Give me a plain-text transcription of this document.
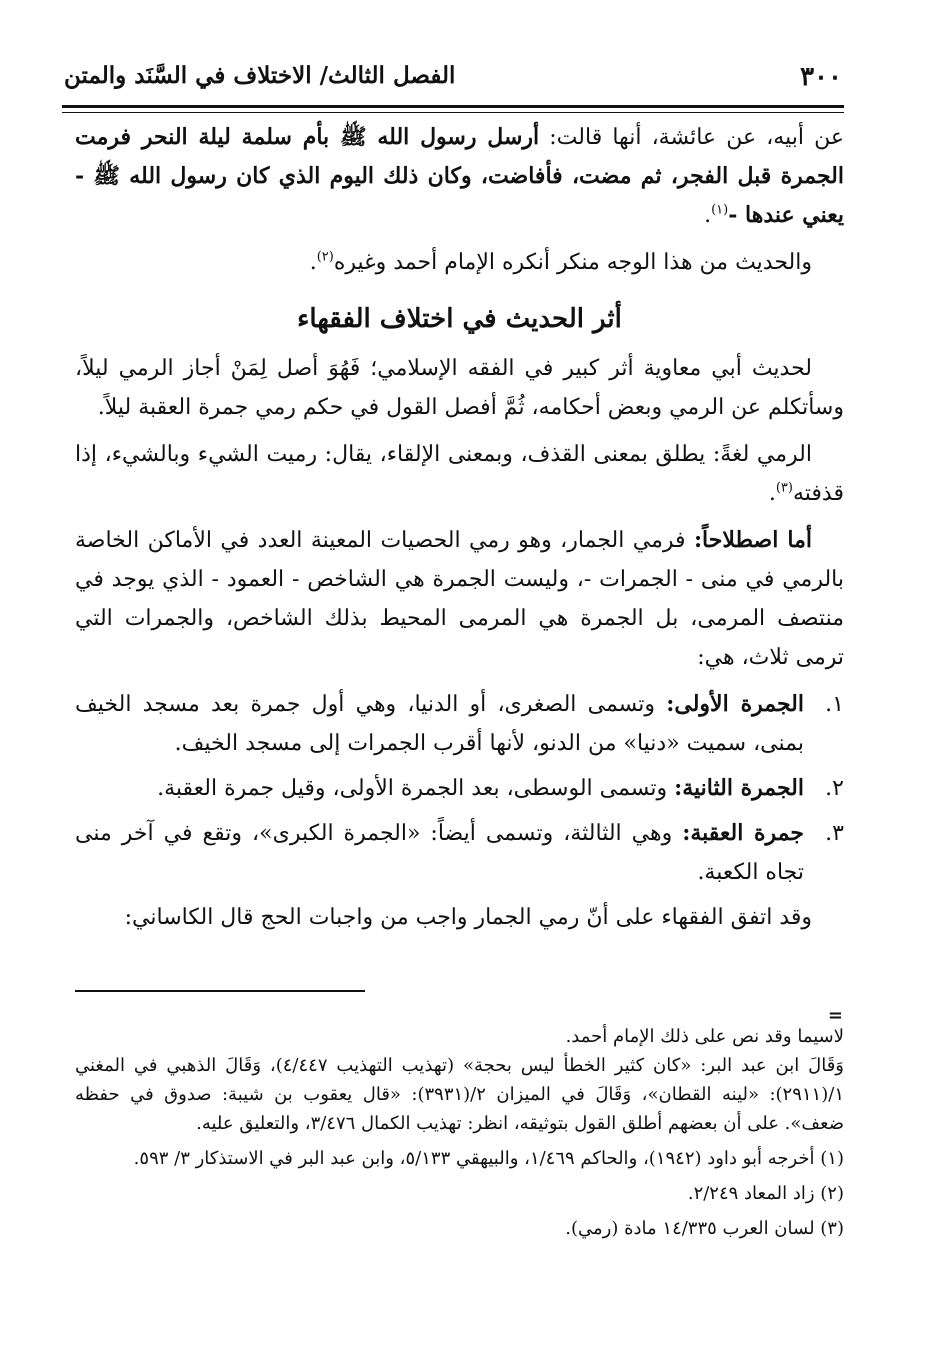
٣٠٠
الفصل الثالث/ الاختلاف في السَّنَد والمتن

عن أبيه، عن عائشة، أنها قالت: أرسل رسول الله ﷺ بأم سلمة ليلة النحر فرمت الجمرة قبل الفجر، ثم مضت، فأفاضت، وكان ذلك اليوم الذي كان رسول الله ﷺ - يعني عندها -$^{(١)}$.

والحديث من هذا الوجه منكر أنكره الإمام أحمد وغيره$^{(٢)}$.

أثر الحديث في اختلاف الفقهاء

لحديث أبي معاوية أثر كبير في الفقه الإسلامي؛ فَهُوَ أصل لِمَنْ أجاز الرمي ليلاً، وسأتكلم عن الرمي وبعض أحكامه، ثُمَّ أفصل القول في حكم رمي جمرة العقبة ليلاً.

الرمي لغةً: يطلق بمعنى القذف، وبمعنى الإلقاء، يقال: رميت الشيء وبالشيء، إذا قذفته$^{(٣)}$.

أما اصطلاحاً: فرمي الجمار، وهو رمي الحصيات المعينة العدد في الأماكن الخاصة بالرمي في منى - الجمرات -، وليست الجمرة هي الشاخص - العمود - الذي يوجد في منتصف المرمى، بل الجمرة هي المرمى المحيط بذلك الشاخص، والجمرات التي ترمى ثلاث، هي:

١.
الجمرة الأولى: وتسمى الصغرى، أو الدنيا، وهي أول جمرة بعد مسجد الخيف بمنى، سميت «دنيا» من الدنو، لأنها أقرب الجمرات إلى مسجد الخيف.
٢.
الجمرة الثانية: وتسمى الوسطى، بعد الجمرة الأولى، وقيل جمرة العقبة.
٣.
جمرة العقبة: وهي الثالثة، وتسمى أيضاً: «الجمرة الكبرى»، وتقع في آخر منى تجاه الكعبة.

وقد اتفق الفقهاء على أنّ رمي الجمار واجب من واجبات الحج قال الكاساني:

=

لاسيما وقد نص على ذلك الإمام أحمد.

وَقَالَ ابن عبد البر: «كان كثير الخطأ ليس بحجة» (تهذيب التهذيب ٤/٤٤٧)، وَقَالَ الذهبي في المغني ١/(٢٩١١): «لينه القطان»، وَقَالَ في الميزان ٢/(٣٩٣١): «قال يعقوب بن شيبة: صدوق في حفظه ضعف». على أن بعضهم أطلق القول بتوثيقه، انظر: تهذيب الكمال ٣/٤٧٦، والتعليق عليه.

(١) أخرجه أبو داود (١٩٤٢)، والحاكم ١/٤٦٩، والبيهقي ٥/١٣٣، وابن عبد البر في الاستذكار ٣/ ٥٩٣.

(٢) زاد المعاد ٢/٢٤٩.

(٣) لسان العرب ١٤/٣٣٥ مادة (رمي).
